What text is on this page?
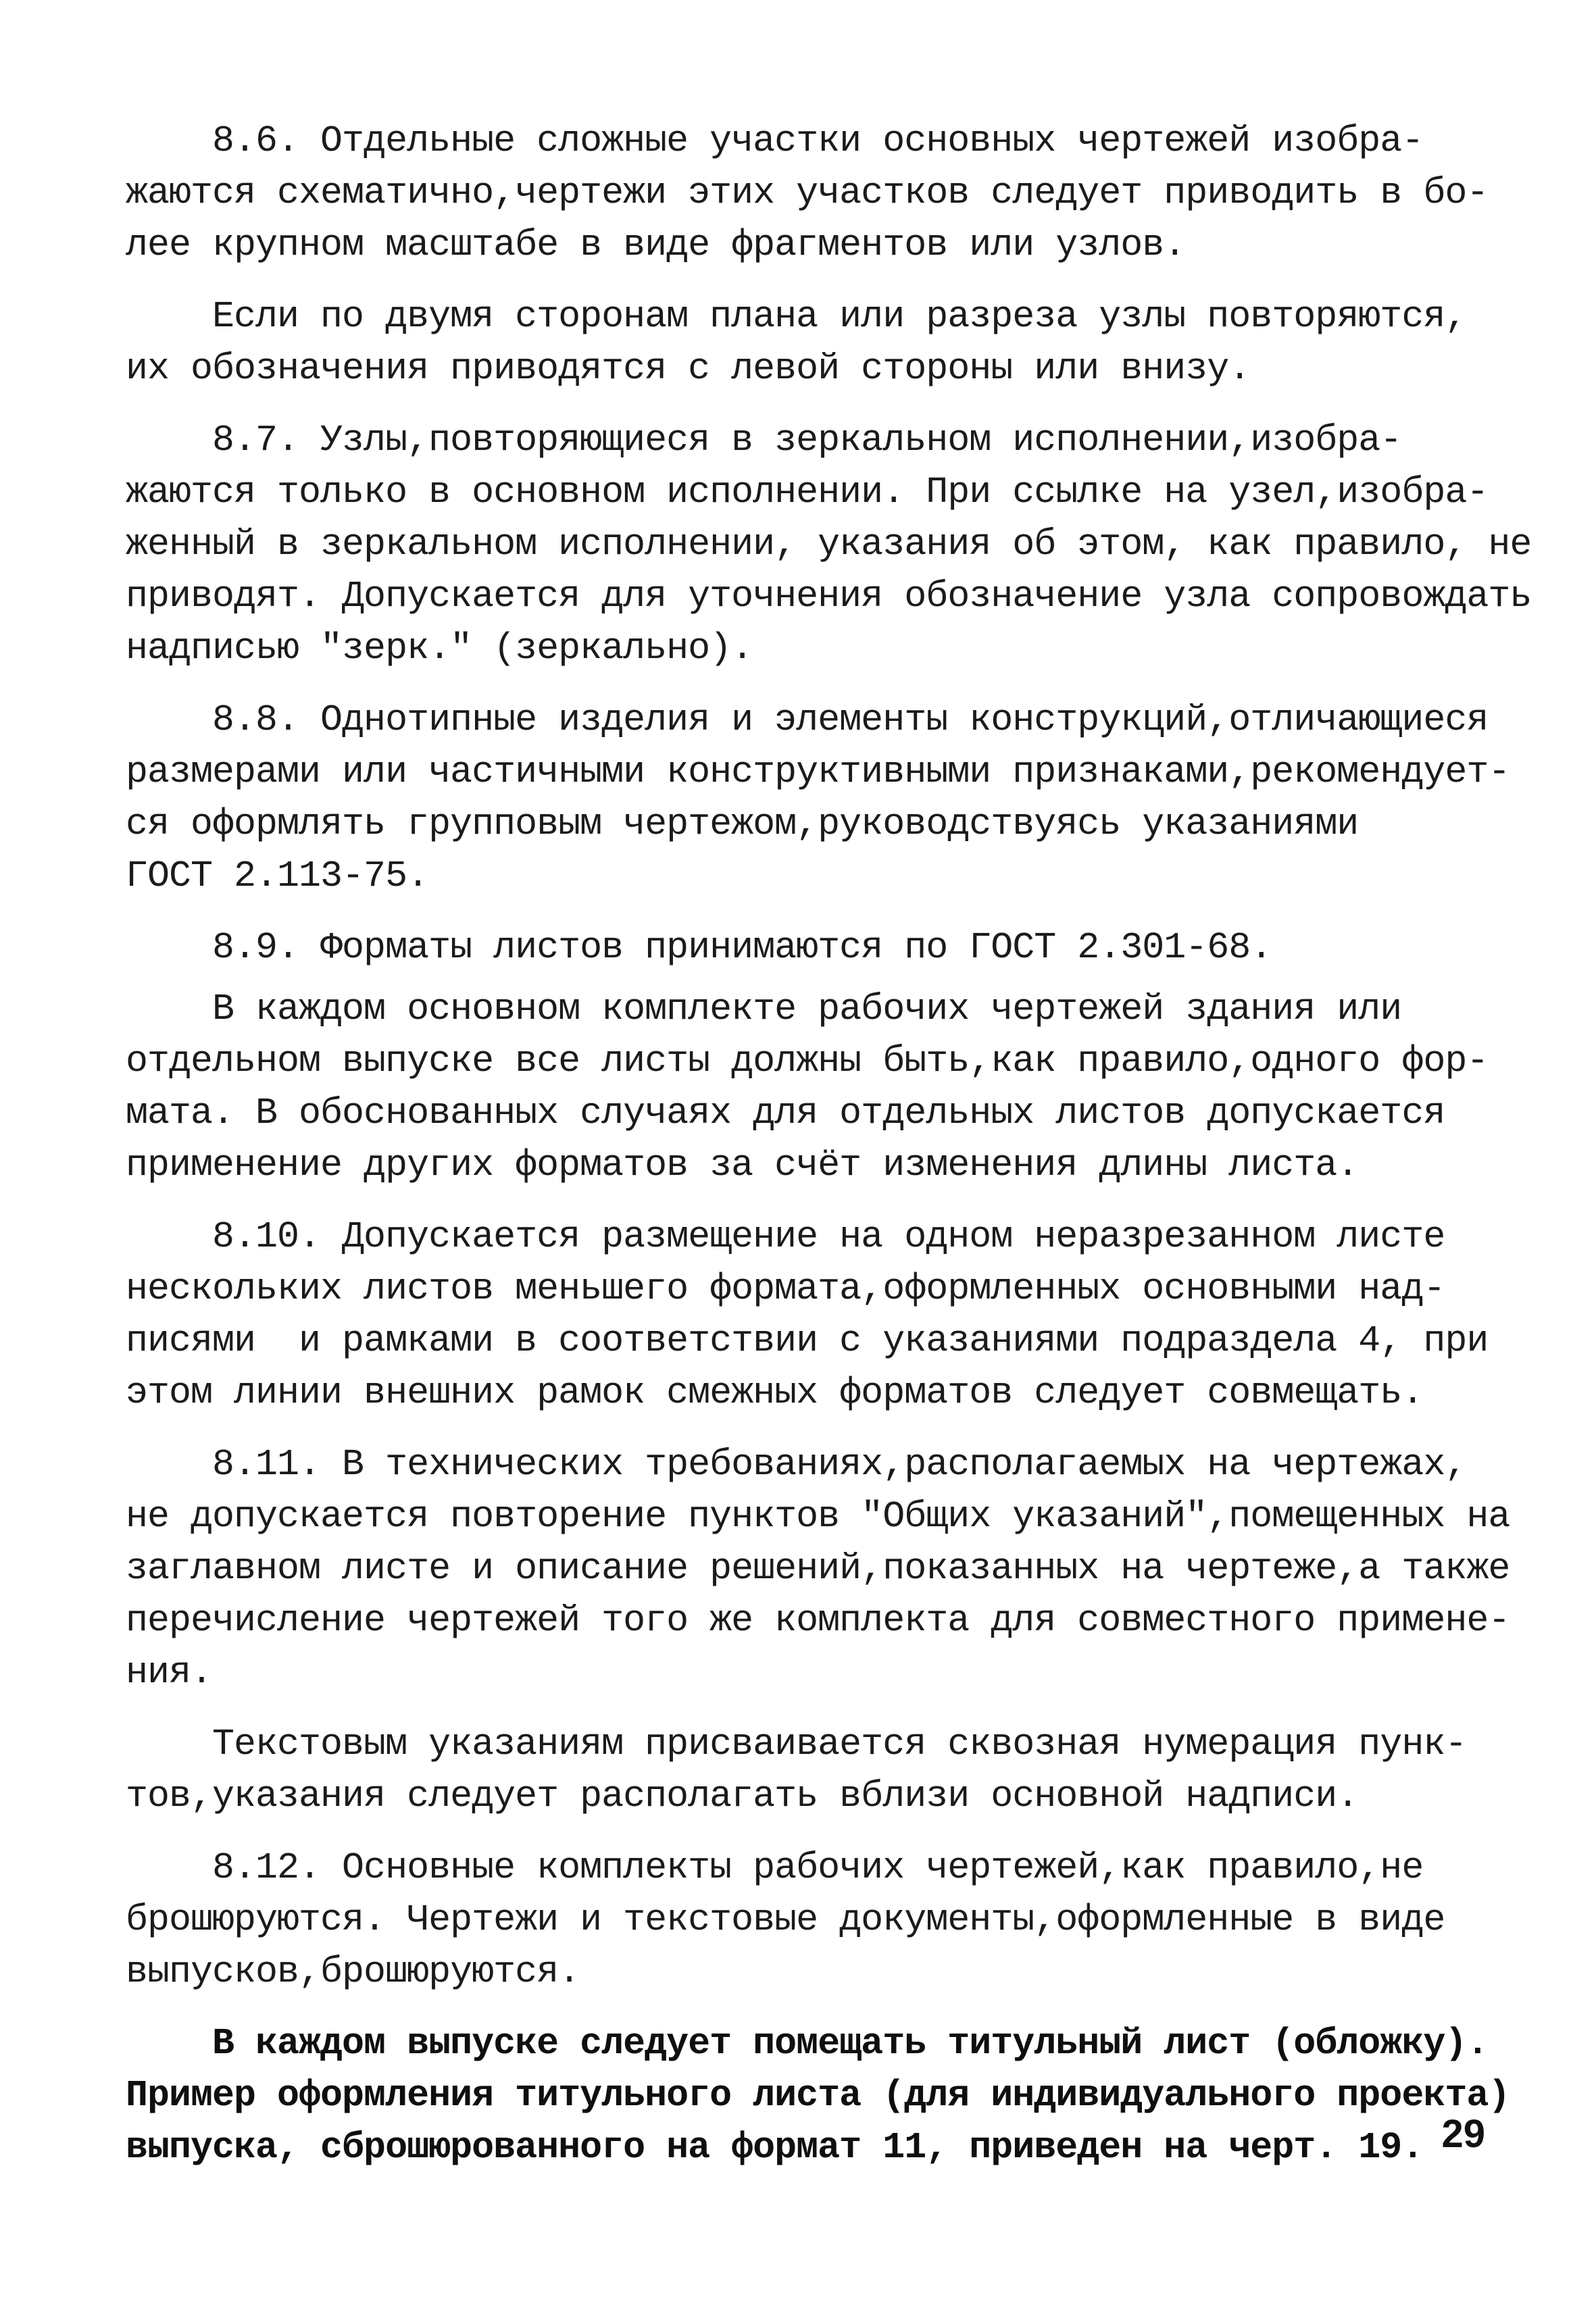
8.6. Отдельные сложные участки основных чертежей изобра-
жаются схематично,чертежи этих участков следует приводить в бо-
лее крупном масштабе в виде фрагментов или узлов.

Если по двумя сторонам плана или разреза узлы повторяются,
их обозначения приводятся с левой стороны или внизу.

8.7. Узлы,повторяющиеся в зеркальном исполнении,изобра-
жаются только в основном исполнении. При ссылке на узел,изобра-
женный в зеркальном исполнении, указания об этом, как правило, не
приводят. Допускается для уточнения обозначение узла сопровождать
надписью "зерк." (зеркально).

8.8. Однотипные изделия и элементы конструкций,отличающиеся
размерами или частичными конструктивными признаками,рекомендует-
ся оформлять групповым чертежом,руководствуясь указаниями
ГОСТ 2.113-75.

8.9. Форматы листов принимаются по ГОСТ 2.301-68.

В каждом основном комплекте рабочих чертежей здания или
отдельном выпуске все листы должны быть,как правило,одного фор-
мата. В обоснованных случаях для отдельных листов допускается
применение других форматов за счёт изменения длины листа.

8.10. Допускается размещение на одном неразрезанном листе
нескольких листов меньшего формата,оформленных основными над-
писями  и рамками в соответствии с указаниями подраздела 4, при
этом линии внешних рамок смежных форматов следует совмещать.

8.11. В технических требованиях,располагаемых на чертежах,
не допускается повторение пунктов "Общих указаний",помещенных на
заглавном листе и описание решений,показанных на чертеже,а также
перечисление чертежей того же комплекта для совместного примене-
ния.

Текстовым указаниям присваивается сквозная нумерация пунк-
тов,указания следует располагать вблизи основной надписи.

8.12. Основные комплекты рабочих чертежей,как правило,не
брошюруются. Чертежи и текстовые документы,оформленные в виде
выпусков,брошюруются.

В каждом выпуске следует помещать титульный лист (обложку).
Пример оформления титульного листа (для индивидуального проекта)
выпуска, сброшюрованного на формат 11, приведен на черт. 19. 29
